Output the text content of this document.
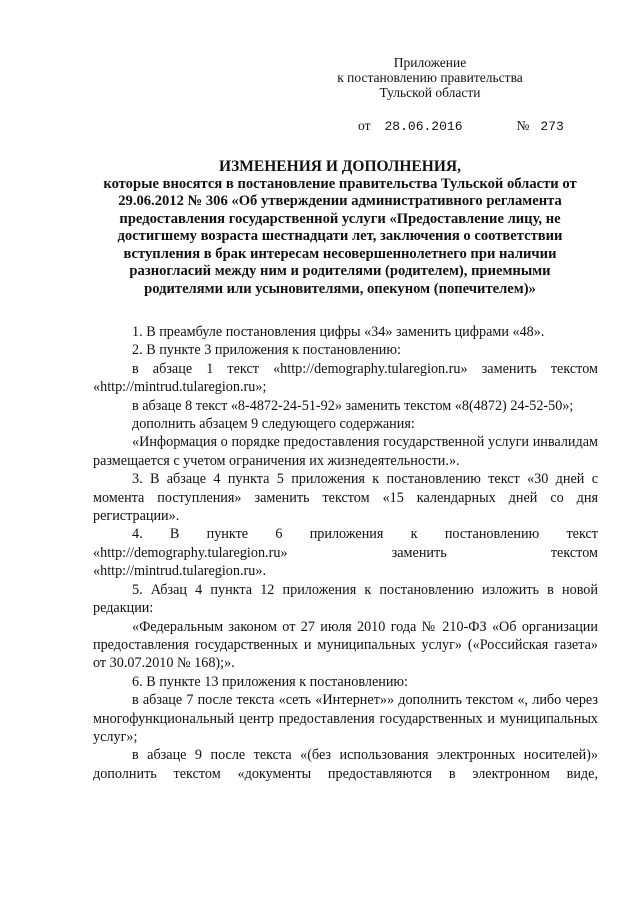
Приложение
к постановлению правительства
Тульской области
от 28.06.2016	№ 273
ИЗМЕНЕНИЯ И ДОПОЛНЕНИЯ,
которые вносятся в постановление правительства Тульской области от 29.06.2012 № 306 «Об утверждении административного регламента предоставления государственной услуги «Предоставление лицу, не достигшему возраста шестнадцати лет, заключения о соответствии вступления в брак интересам несовершеннолетнего при наличии разногласий между ним и родителями (родителем), приемными родителями или усыновителями, опекуном (попечителем)»

1. В преамбуле постановления цифры «34» заменить цифрами «48».

2. В пункте 3 приложения к постановлению:

в абзаце 1 текст «http://demography.tularegion.ru» заменить текстом «http://mintrud.tularegion.ru»;

в абзаце 8 текст «8-4872-24-51-92» заменить текстом «8(4872) 24-52-50»;

дополнить абзацем 9 следующего содержания:

«Информация о порядке предоставления государственной услуги инвалидам размещается с учетом ограничения их жизнедеятельности.».

3. В абзаце 4 пункта 5 приложения к постановлению текст «30 дней с момента поступления» заменить текстом «15 календарных дней со дня регистрации».

4. В пункте 6 приложения к постановлению текст
«http://demography.tularegion.ru»	заменить	текстом
«http://mintrud.tularegion.ru».

5. Абзац 4 пункта 12 приложения к постановлению изложить в новой редакции:

«Федеральным законом от 27 июля 2010 года № 210-ФЗ «Об организации предоставления государственных и муниципальных услуг» («Российская газета» от 30.07.2010 № 168);».

6. В пункте 13 приложения к постановлению:

в абзаце 7 после текста «сеть «Интернет»» дополнить текстом «, либо через многофункциональный центр предоставления государственных и муниципальных услуг»;

в абзаце 9 после текста «(без использования электронных носителей)» дополнить текстом «документы предоставляются в электронном виде,
